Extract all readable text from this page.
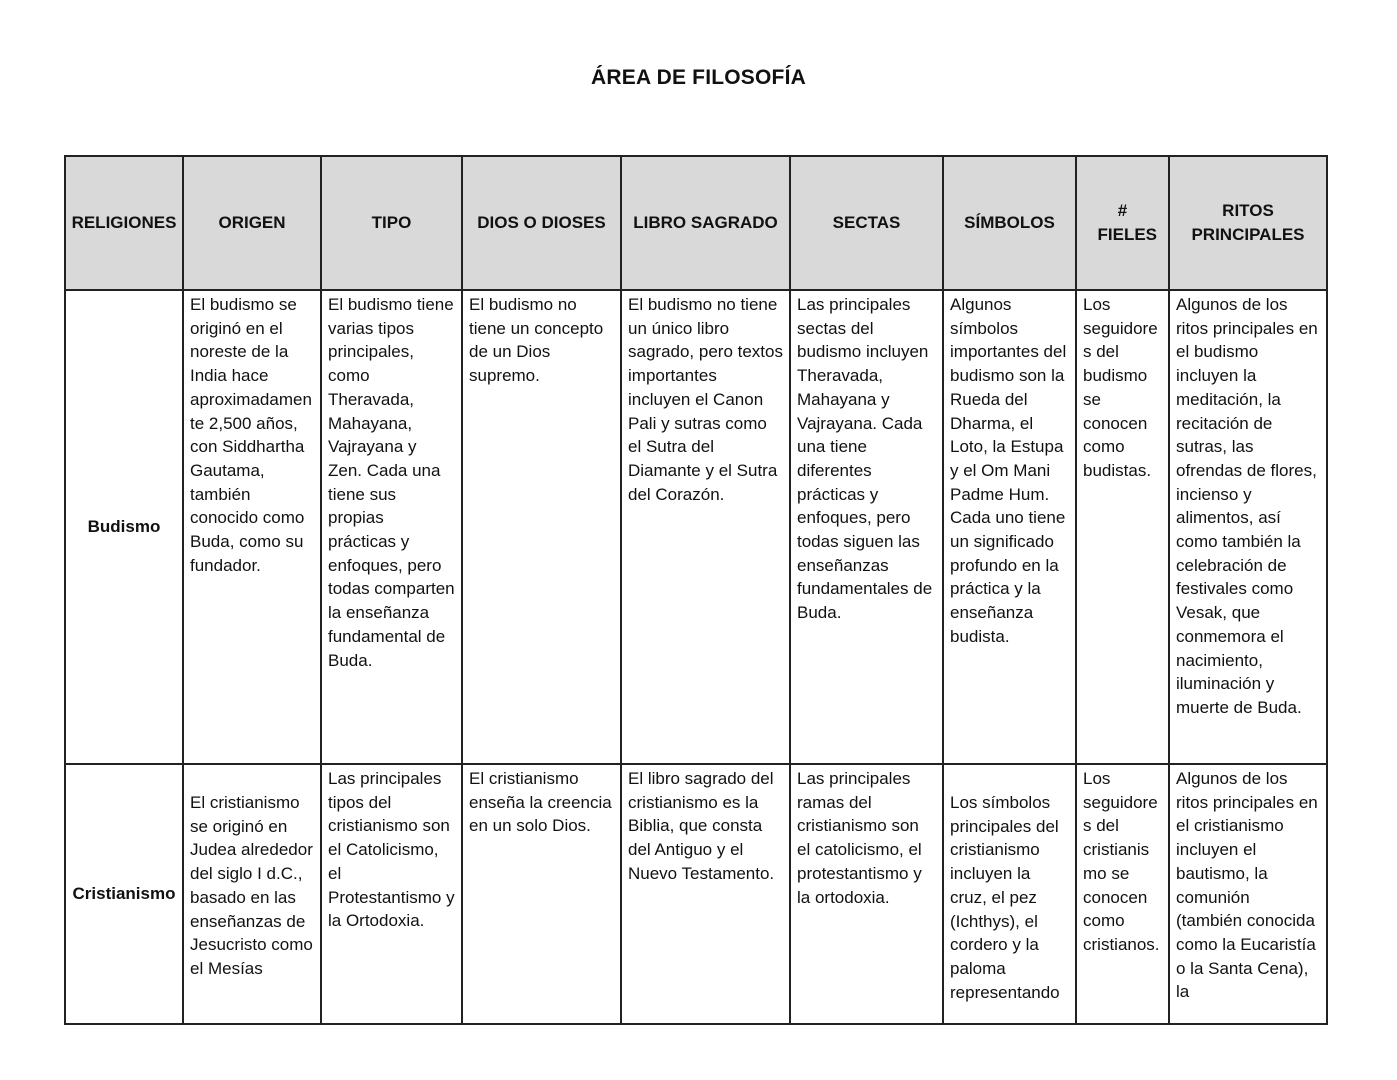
ÁREA DE FILOSOFÍA
RELIGIONES	ORIGEN	TIPO	DIOS O DIOSES	LIBRO SAGRADO	SECTAS	SÍMBOLOS	# FIELES	RITOS PRINCIPALES
Budismo	El budismo se originó en el noreste de la India hace aproximadamente 2,500 años, con Siddhartha Gautama, también conocido como Buda, como su fundador.	El budismo tiene varias tipos principales, como Theravada, Mahayana, Vajrayana y Zen. Cada una tiene sus propias prácticas y enfoques, pero todas comparten la enseñanza fundamental de Buda.	El budismo no tiene un concepto de un Dios supremo.	El budismo no tiene un único libro sagrado, pero textos importantes incluyen el Canon Pali y sutras como el Sutra del Diamante y el Sutra del Corazón.	Las principales sectas del budismo incluyen Theravada, Mahayana y Vajrayana. Cada una tiene diferentes prácticas y enfoques, pero todas siguen las enseñanzas fundamentales de Buda.	Algunos símbolos importantes del budismo son la Rueda del Dharma, el Loto, la Estupa y el Om Mani Padme Hum. Cada uno tiene un significado profundo en la práctica y la enseñanza budista.	Los seguidores del budismo se conocen como budistas.	Algunos de los ritos principales en el budismo incluyen la meditación, la recitación de sutras, las ofrendas de flores, incienso y alimentos, así como también la celebración de festivales como Vesak, que conmemora el nacimiento, iluminación y muerte de Buda.

Cristianismo	El cristianismo se originó en Judea alrededor del siglo I d.C., basado en las enseñanzas de Jesucristo como el Mesías	Las principales tipos del cristianismo son el Catolicismo, el Protestantismo y la Ortodoxia.	El cristianismo enseña la creencia en un solo Dios.	El libro sagrado del cristianismo es la Biblia, que consta del Antiguo y el Nuevo Testamento.	Las principales ramas del cristianismo son el catolicismo, el protestantismo y la ortodoxia.	Los símbolos principales del cristianismo incluyen la cruz, el pez (Ichthys), el cordero y la paloma representando	Los seguidores del cristianismo se conocen como cristianos.	Algunos de los ritos principales en el cristianismo incluyen el bautismo, la comunión (también conocida como la Eucaristía o la Santa Cena), la
